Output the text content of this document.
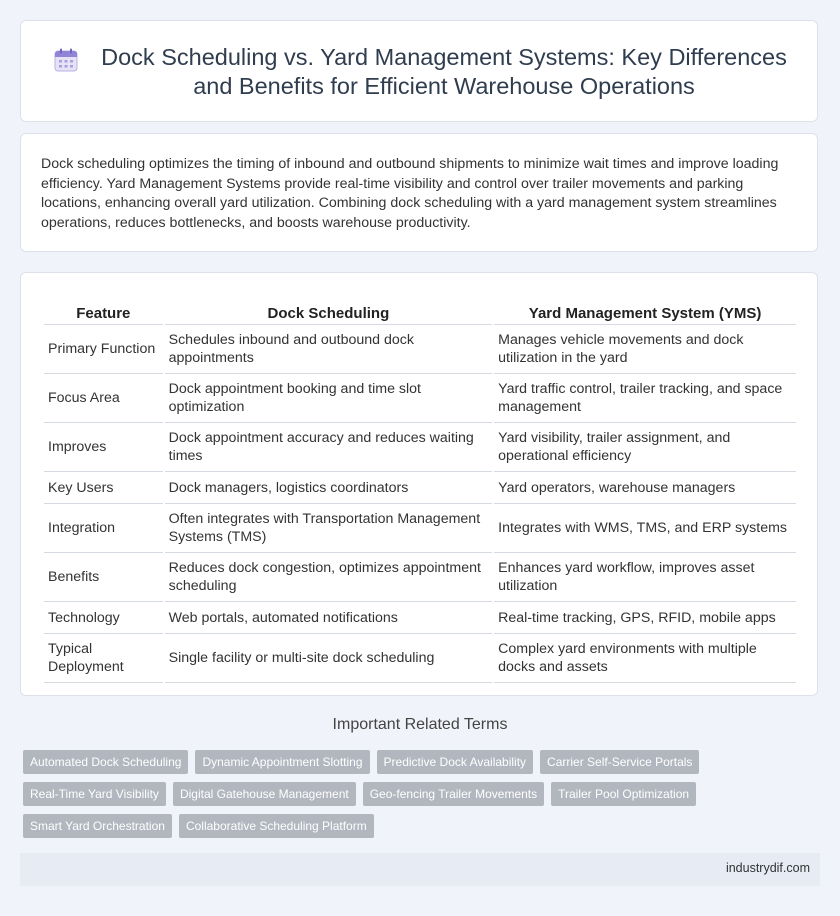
Dock Scheduling vs. Yard Management Systems: Key Differences
and Benefits for Efficient Warehouse Operations

Dock scheduling optimizes the timing of inbound and outbound shipments to minimize wait times and improve loading efficiency. Yard Management Systems provide real-time visibility and control over trailer movements and parking locations, enhancing overall yard utilization. Combining dock scheduling with a yard management system streamlines operations, reduces bottlenecks, and boosts warehouse productivity.

Feature	Dock Scheduling	Yard Management System (YMS)
Primary Function	Schedules inbound and outbound dock appointments	Manages vehicle movements and dock utilization in the yard
Focus Area	Dock appointment booking and time slot optimization	Yard traffic control, trailer tracking, and space management
Improves	Dock appointment accuracy and reduces waiting times	Yard visibility, trailer assignment, and operational efficiency
Key Users	Dock managers, logistics coordinators	Yard operators, warehouse managers
Integration	Often integrates with Transportation Management Systems (TMS)	Integrates with WMS, TMS, and ERP systems
Benefits	Reduces dock congestion, optimizes appointment scheduling	Enhances yard workflow, improves asset utilization
Technology	Web portals, automated notifications	Real-time tracking, GPS, RFID, mobile apps
Typical Deployment	Single facility or multi-site dock scheduling	Complex yard environments with multiple docks and assets
Important Related Terms
Automated Dock Scheduling	Dynamic Appointment Slotting	Predictive Dock Availability	Carrier Self-Service Portals
Real-Time Yard Visibility	Digital Gatehouse Management	Geo-fencing Trailer Movements	Trailer Pool Optimization
Smart Yard Orchestration	Collaborative Scheduling Platform
industrydif.com
